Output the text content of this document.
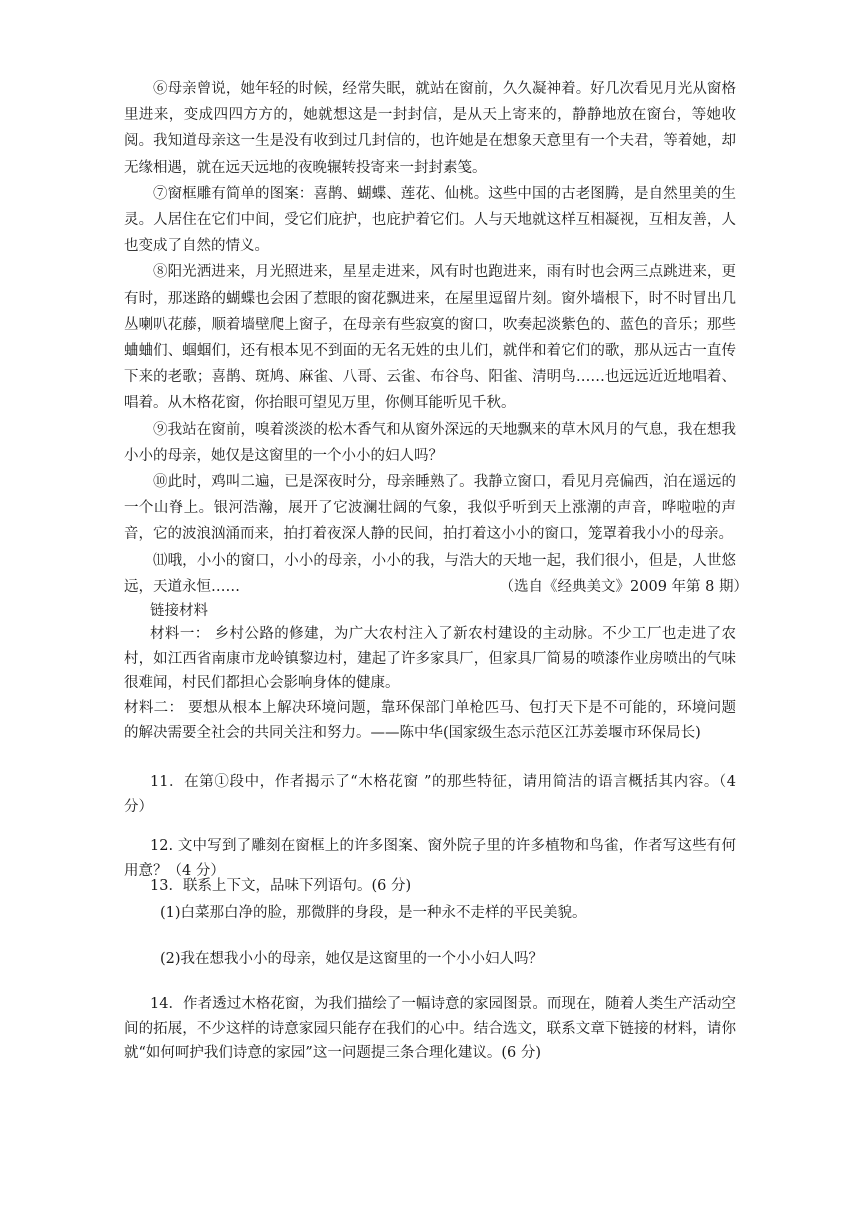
⑥母亲曾说，她年轻的时候，经常失眠，就站在窗前，久久凝神着。好几次看见月光从窗格里进来，变成四四方方的，她就想这是一封封信，是从天上寄来的，静静地放在窗台，等她收阅。我知道母亲这一生是没有收到过几封信的，也许她是在想象天意里有一个夫君，等着她，却无缘相遇，就在远天远地的夜晚辗转投寄来一封封素笺。

⑦窗框雕有简单的图案：喜鹊、蝴蝶、莲花、仙桃。这些中国的古老图腾，是自然里美的生灵。人居住在它们中间，受它们庇护，也庇护着它们。人与天地就这样互相凝视，互相友善，人也变成了自然的情义。

⑧阳光洒进来，月光照进来，星星走进来，风有时也跑进来，雨有时也会两三点跳进来，更有时，那迷路的蝴蝶也会困了惹眼的窗花飘进来，在屋里逗留片刻。窗外墙根下，时不时冒出几丛喇叭花藤，顺着墙壁爬上窗子，在母亲有些寂寞的窗口，吹奏起淡紫色的、蓝色的音乐；那些蛐蛐们、蝈蝈们，还有根本见不到面的无名无姓的虫儿们，就伴和着它们的歌，那从远古一直传下来的老歌；喜鹊、斑鸠、麻雀、八哥、云雀、布谷鸟、阳雀、清明鸟……也远远近近地唱着、唱着。从木格花窗，你抬眼可望见万里，你侧耳能听见千秋。

⑨我站在窗前，嗅着淡淡的松木香气和从窗外深远的天地飘来的草木风月的气息，我在想我小小的母亲，她仅是这窗里的一个小小的妇人吗？

⑩此时，鸡叫二遍，已是深夜时分，母亲睡熟了。我静立窗口，看见月亮偏西，泊在遥远的一个山脊上。银河浩瀚，展开了它波澜壮阔的气象，我似乎听到天上涨潮的声音，哗啦啦的声音，它的波浪汹涌而来，拍打着夜深人静的民间，拍打着这小小的窗口，笼罩着我小小的母亲。

⑾哦，小小的窗口，小小的母亲，小小的我，与浩大的天地一起，我们很小，但是，人世悠远，天道永恒……	（选自《经典美文》2009 年第 8 期）
链接材料

材料一： 乡村公路的修建，为广大农村注入了新农村建设的主动脉。不少工厂也走进了农村，如江西省南康市龙岭镇黎边村，建起了许多家具厂，但家具厂简易的喷漆作业房喷出的气味很难闻，村民们都担心会影响身体的健康。

材料二： 要想从根本上解决环境问题，靠环保部门单枪匹马、包打天下是不可能的，环境问题的解决需要全社会的共同关注和努力。——陈中华(国家级生态示范区江苏姜堰市环保局长)

11．在第①段中，作者揭示了“木格花窗 ”的那些特征，请用简洁的语言概括其内容。（4 分）

12. 文中写到了雕刻在窗框上的许多图案、窗外院子里的许多植物和鸟雀，作者写这些有何用意？（4 分）

13．联系上下文，品味下列语句。(6 分)

(1)白菜那白净的脸，那微胖的身段，是一种永不走样的平民美貌。

(2)我在想我小小的母亲，她仅是这窗里的一个小小妇人吗？

14．作者透过木格花窗，为我们描绘了一幅诗意的家园图景。而现在，随着人类生产活动空间的拓展，不少这样的诗意家园只能存在我们的心中。结合选文，联系文章下链接的材料，请你就“如何呵护我们诗意的家园”这一问题提三条合理化建议。(6 分)
